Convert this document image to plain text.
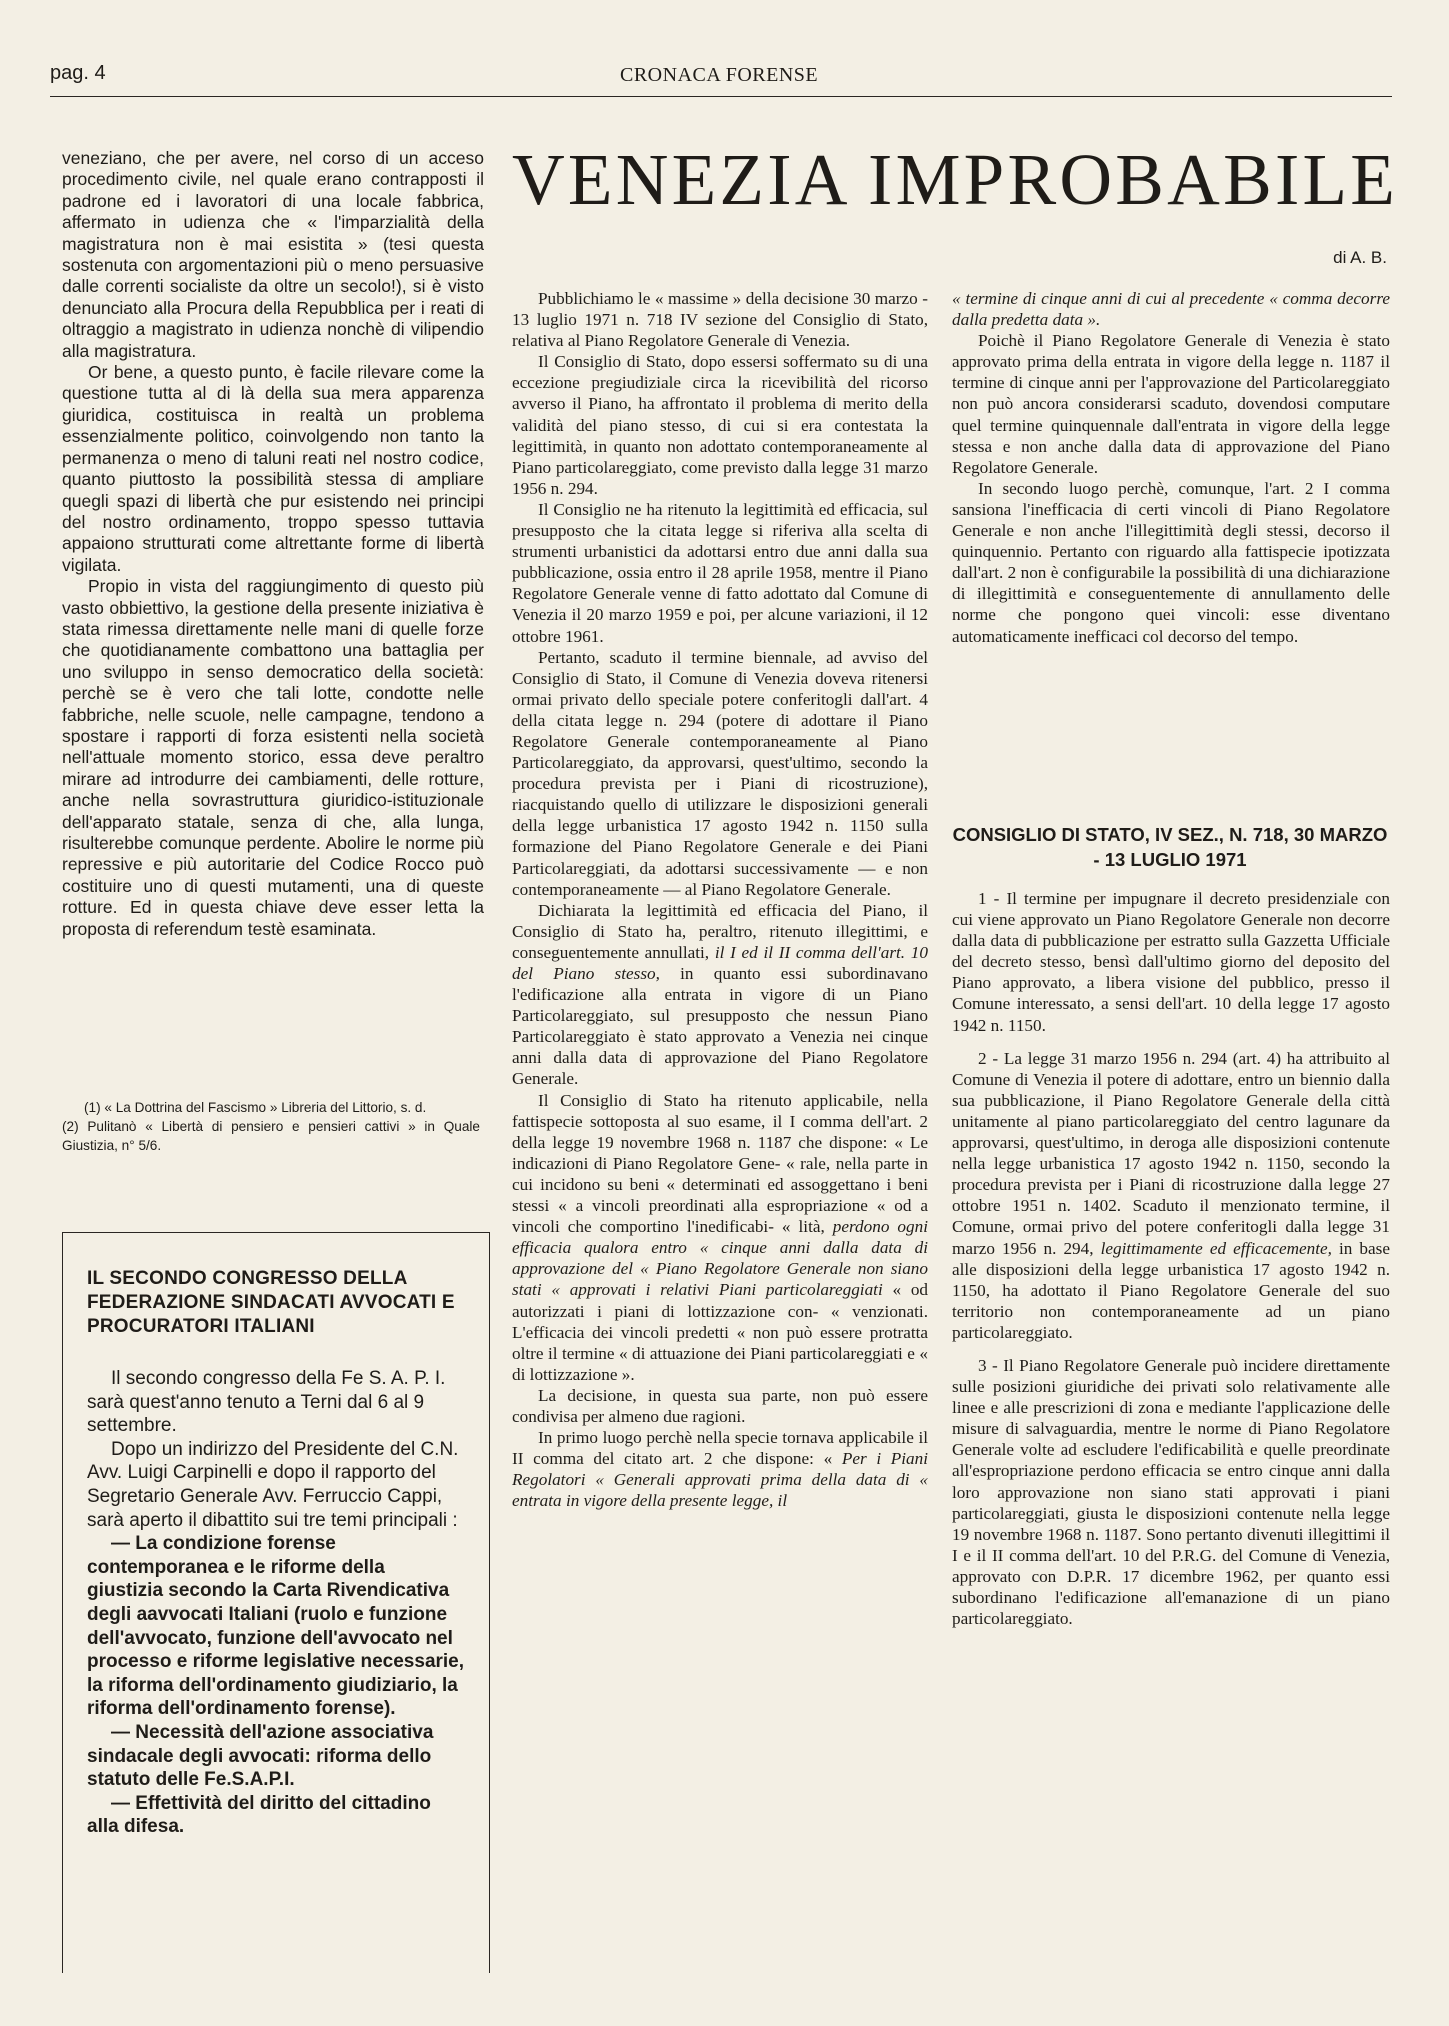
pag. 4	CRONACA FORENSE

veneziano, che per avere, nel corso di un acceso procedimento civile, nel quale erano contrapposti il padrone ed i lavoratori di una locale fabbrica, affermato in udienza che « l'imparzialità della magistratura non è mai esistita » (tesi questa sostenuta con argomentazioni più o meno persuasive dalle correnti socialiste da oltre un secolo!), si è visto denunciato alla Procura della Repubblica per i reati di oltraggio a magistrato in udienza nonchè di vilipendio alla magistratura.

Or bene, a questo punto, è facile rilevare come la questione tutta al di là della sua mera apparenza giuridica, costituisca in realtà un problema essenzialmente politico, coinvolgendo non tanto la permanenza o meno di taluni reati nel nostro codice, quanto piuttosto la possibilità stessa di ampliare quegli spazi di libertà che pur esistendo nei principi del nostro ordinamento, troppo spesso tuttavia appaiono strutturati come altrettante forme di libertà vigilata.

Propio in vista del raggiungimento di questo più vasto obbiettivo, la gestione della presente iniziativa è stata rimessa direttamente nelle mani di quelle forze che quotidianamente combattono una battaglia per uno sviluppo in senso democratico della società: perchè se è vero che tali lotte, condotte nelle fabbriche, nelle scuole, nelle campagne, tendono a spostare i rapporti di forza esistenti nella società nell'attuale momento storico, essa deve peraltro mirare ad introdurre dei cambiamenti, delle rotture, anche nella sovrastruttura giuridico-istituzionale dell'apparato statale, senza di che, alla lunga, risulterebbe comunque perdente. Abolire le norme più repressive e più autoritarie del Codice Rocco può costituire uno di questi mutamenti, una di queste rotture. Ed in questa chiave deve esser letta la proposta di referendum testè esaminata.

(1) « La Dottrina del Fascismo » Libreria del Littorio, s. d.

(2) Pulitanò « Libertà di pensiero e pensieri cattivi » in Quale Giustizia, n° 5/6.

IL SECONDO CONGRESSO DELLA FEDERAZIONE SINDACATI AVVOCATI E PROCURATORI ITALIANI

Il secondo congresso della Fe S. A. P. I. sarà quest'anno tenuto a Terni dal 6 al 9 settembre.

Dopo un indirizzo del Presidente del C.N. Avv. Luigi Carpinelli e dopo il rapporto del Segretario Generale Avv. Ferruccio Cappi, sarà aperto il dibattito sui tre temi principali :

— La condizione forense contemporanea e le riforme della giustizia secondo la Carta Rivendicativa degli aavvocati Italiani (ruolo e funzione dell'avvocato, funzione dell'avvocato nel processo e riforme legislative necessarie, la riforma dell'ordinamento giudiziario, la riforma dell'ordinamento forense).

— Necessità dell'azione associativa sindacale degli avvocati: riforma dello statuto delle Fe.S.A.P.I.

— Effettività del diritto del cittadino alla difesa.

VENEZIA IMPROBABILE
di A. B.

Pubblichiamo le « massime » della decisione 30 marzo - 13 luglio 1971 n. 718 IV sezione del Consiglio di Stato, relativa al Piano Regolatore Generale di Venezia.

Il Consiglio di Stato, dopo essersi soffermato su di una eccezione pregiudiziale circa la ricevibilità del ricorso avverso il Piano, ha affrontato il problema di merito della validità del piano stesso, di cui si era contestata la legittimità, in quanto non adottato contemporaneamente al Piano particolareggiato, come previsto dalla legge 31 marzo 1956 n. 294.

Il Consiglio ne ha ritenuto la legittimità ed efficacia, sul presupposto che la citata legge si riferiva alla scelta di strumenti urbanistici da adottarsi entro due anni dalla sua pubblicazione, ossia entro il 28 aprile 1958, mentre il Piano Regolatore Generale venne di fatto adottato dal Comune di Venezia il 20 marzo 1959 e poi, per alcune variazioni, il 12 ottobre 1961.

Pertanto, scaduto il termine biennale, ad avviso del Consiglio di Stato, il Comune di Venezia doveva ritenersi ormai privato dello speciale potere conferitogli dall'art. 4 della citata legge n. 294 (potere di adottare il Piano Regolatore Generale contemporaneamente al Piano Particolareggiato, da approvarsi, quest'ultimo, secondo la procedura prevista per i Piani di ricostruzione), riacquistando quello di utilizzare le disposizioni generali della legge urbanistica 17 agosto 1942 n. 1150 sulla formazione del Piano Regolatore Generale e dei Piani Particolareggiati, da adottarsi successivamente — e non contemporaneamente — al Piano Regolatore Generale.

Dichiarata la legittimità ed efficacia del Piano, il Consiglio di Stato ha, peraltro, ritenuto illegittimi, e conseguentemente annullati, il I ed il II comma dell'art. 10 del Piano stesso, in quanto essi subordinavano l'edificazione alla entrata in vigore di un Piano Particolareggiato, sul presupposto che nessun Piano Particolareggiato è stato approvato a Venezia nei cinque anni dalla data di approvazione del Piano Regolatore Generale.

Il Consiglio di Stato ha ritenuto applicabile, nella fattispecie sottoposta al suo esame, il I comma dell'art. 2 della legge 19 novembre 1968 n. 1187 che dispone: « Le indicazioni di Piano Regolatore Gene- « rale, nella parte in cui incidono su beni « determinati ed assoggettano i beni stessi « a vincoli preordinati alla espropriazione « od a vincoli che comportino l'inedificabi- « lità, perdono ogni efficacia qualora entro « cinque anni dalla data di approvazione del « Piano Regolatore Generale non siano stati « approvati i relativi Piani particolareggiati « od autorizzati i piani di lottizzazione con- « venzionati. L'efficacia dei vincoli predetti « non può essere protratta oltre il termine « di attuazione dei Piani particolareggiati e « di lottizzazione ».

La decisione, in questa sua parte, non può essere condivisa per almeno due ragioni.

In primo luogo perchè nella specie tornava applicabile il II comma del citato art. 2 che dispone: « Per i Piani Regolatori « Generali approvati prima della data di « entrata in vigore della presente legge, il

« termine di cinque anni di cui al precedente « comma decorre dalla predetta data ».

Poichè il Piano Regolatore Generale di Venezia è stato approvato prima della entrata in vigore della legge n. 1187 il termine di cinque anni per l'approvazione del Particolareggiato non può ancora considerarsi scaduto, dovendosi computare quel termine quinquennale dall'entrata in vigore della legge stessa e non anche dalla data di approvazione del Piano Regolatore Generale.

In secondo luogo perchè, comunque, l'art. 2 I comma sansiona l'inefficacia di certi vincoli di Piano Regolatore Generale e non anche l'illegittimità degli stessi, decorso il quinquennio. Pertanto con riguardo alla fattispecie ipotizzata dall'art. 2 non è configurabile la possibilità di una dichiarazione di illegittimità e conseguentemente di annullamento delle norme che pongono quei vincoli: esse diventano automaticamente inefficaci col decorso del tempo.

CONSIGLIO DI STATO, IV SEZ., N. 718, 30 MARZO - 13 LUGLIO 1971

1 - Il termine per impugnare il decreto presidenziale con cui viene approvato un Piano Regolatore Generale non decorre dalla data di pubblicazione per estratto sulla Gazzetta Ufficiale del decreto stesso, bensì dall'ultimo giorno del deposito del Piano approvato, a libera visione del pubblico, presso il Comune interessato, a sensi dell'art. 10 della legge 17 agosto 1942 n. 1150.

2 - La legge 31 marzo 1956 n. 294 (art. 4) ha attribuito al Comune di Venezia il potere di adottare, entro un biennio dalla sua pubblicazione, il Piano Regolatore Generale della città unitamente al piano particolareggiato del centro lagunare da approvarsi, quest'ultimo, in deroga alle disposizioni contenute nella legge urbanistica 17 agosto 1942 n. 1150, secondo la procedura prevista per i Piani di ricostruzione dalla legge 27 ottobre 1951 n. 1402. Scaduto il menzionato termine, il Comune, ormai privo del potere conferitogli dalla legge 31 marzo 1956 n. 294, legittimamente ed efficacemente, in base alle disposizioni della legge urbanistica 17 agosto 1942 n. 1150, ha adottato il Piano Regolatore Generale del suo territorio non contemporaneamente ad un piano particolareggiato.

3 - Il Piano Regolatore Generale può incidere direttamente sulle posizioni giuridiche dei privati solo relativamente alle linee e alle prescrizioni di zona e mediante l'applicazione delle misure di salvaguardia, mentre le norme di Piano Regolatore Generale volte ad escludere l'edificabilità e quelle preordinate all'espropriazione perdono efficacia se entro cinque anni dalla loro approvazione non siano stati approvati i piani particolareggiati, giusta le disposizioni contenute nella legge 19 novembre 1968 n. 1187. Sono pertanto divenuti illegittimi il I e il II comma dell'art. 10 del P.R.G. del Comune di Venezia, approvato con D.P.R. 17 dicembre 1962, per quanto essi subordinano l'edificazione all'emanazione di un piano particolareggiato.
